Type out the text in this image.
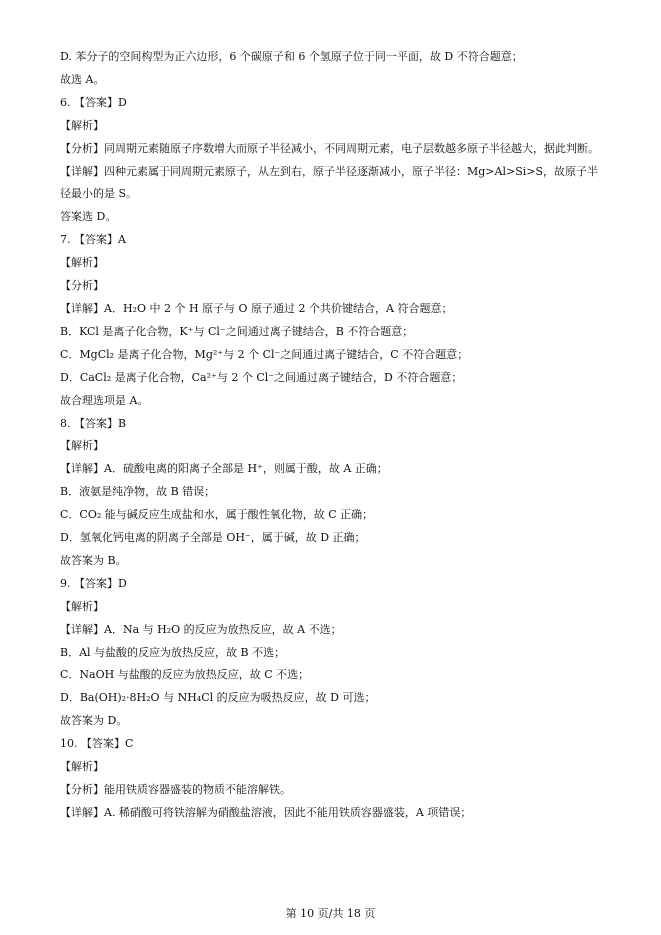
D. 苯分子的空间构型为正六边形，6 个碳原子和 6 个氢原子位于同一平面，故 D 不符合题意；
故选 A。
6. 【答案】D
【解析】
【分析】同周期元素随原子序数增大而原子半径减小，不同周期元素，电子层数越多原子半径越大，据此判断。
【详解】四种元素属于同周期元素原子，从左到右，原子半径逐渐减小，原子半径：Mg>Al>Si>S，故原子半径最小的是 S。
答案选 D。
7. 【答案】A
【解析】
【分析】
【详解】A．H₂O 中 2 个 H 原子与 O 原子通过 2 个共价键结合，A 符合题意；
B．KCl 是离子化合物，K⁺与 Cl⁻之间通过离子键结合，B 不符合题意；
C．MgCl₂ 是离子化合物，Mg²⁺与 2 个 Cl⁻之间通过离子键结合，C 不符合题意；
D．CaCl₂ 是离子化合物，Ca²⁺与 2 个 Cl⁻之间通过离子键结合，D 不符合题意；
故合理选项是 A。
8. 【答案】B
【解析】
【详解】A．硫酸电离的阳离子全部是 H⁺，则属于酸，故 A 正确；
B．液氨是纯净物，故 B 错误；
C．CO₂ 能与碱反应生成盐和水，属于酸性氧化物，故 C 正确；
D．氢氧化钙电离的阴离子全部是 OH⁻，属于碱，故 D 正确；
故答案为 B。
9. 【答案】D
【解析】
【详解】A．Na 与 H₂O 的反应为放热反应，故 A 不选；
B．Al 与盐酸的反应为放热反应，故 B 不选；
C．NaOH 与盐酸的反应为放热反应，故 C 不选；
D．Ba(OH)₂·8H₂O 与 NH₄Cl 的反应为吸热反应，故 D 可选；
故答案为 D。
10. 【答案】C
【解析】
【分析】能用铁质容器盛装的物质不能溶解铁。
【详解】A. 稀硝酸可将铁溶解为硝酸盐溶液，因此不能用铁质容器盛装，A 项错误；
第 10 页/共 18 页
